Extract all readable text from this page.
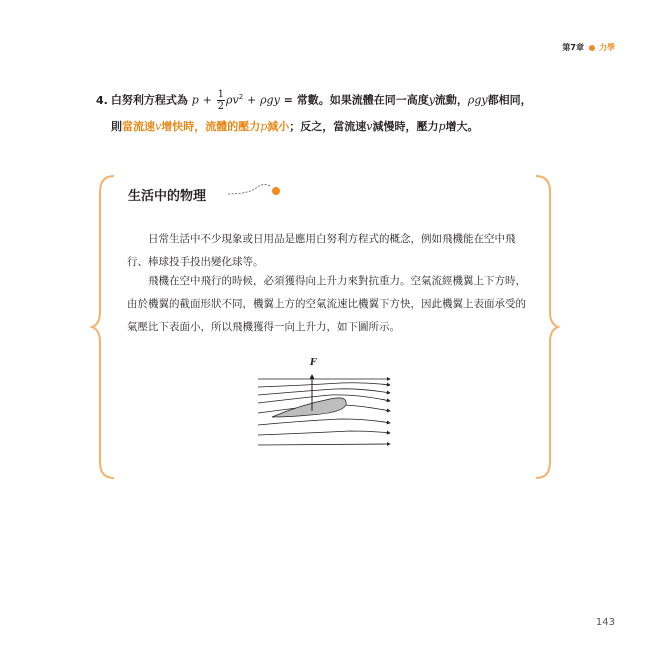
第7章 力學
4. 白努利方程式為 $p + \frac{1}{2} \rho v^2 + \rho gy$ = 常數。如果流體在同一高度y流動，ρgy都相同，
則當流速v增快時，流體的壓力p減小；反之，當流速v減慢時，壓力p增大。
生活中的物理
日常生活中不少現象或日用品是應用白努利方程式的概念，例如飛機能在空中飛行、棒球投手投出變化球等。
飛機在空中飛行的時候，必須獲得向上升力來對抗重力。空氣流經機翼上下方時，由於機翼的截面形狀不同，機翼上方的空氣流速比機翼下方快，因此機翼上表面承受的氣壓比下表面小，所以飛機獲得一向上升力，如下圖所示。
F
143
